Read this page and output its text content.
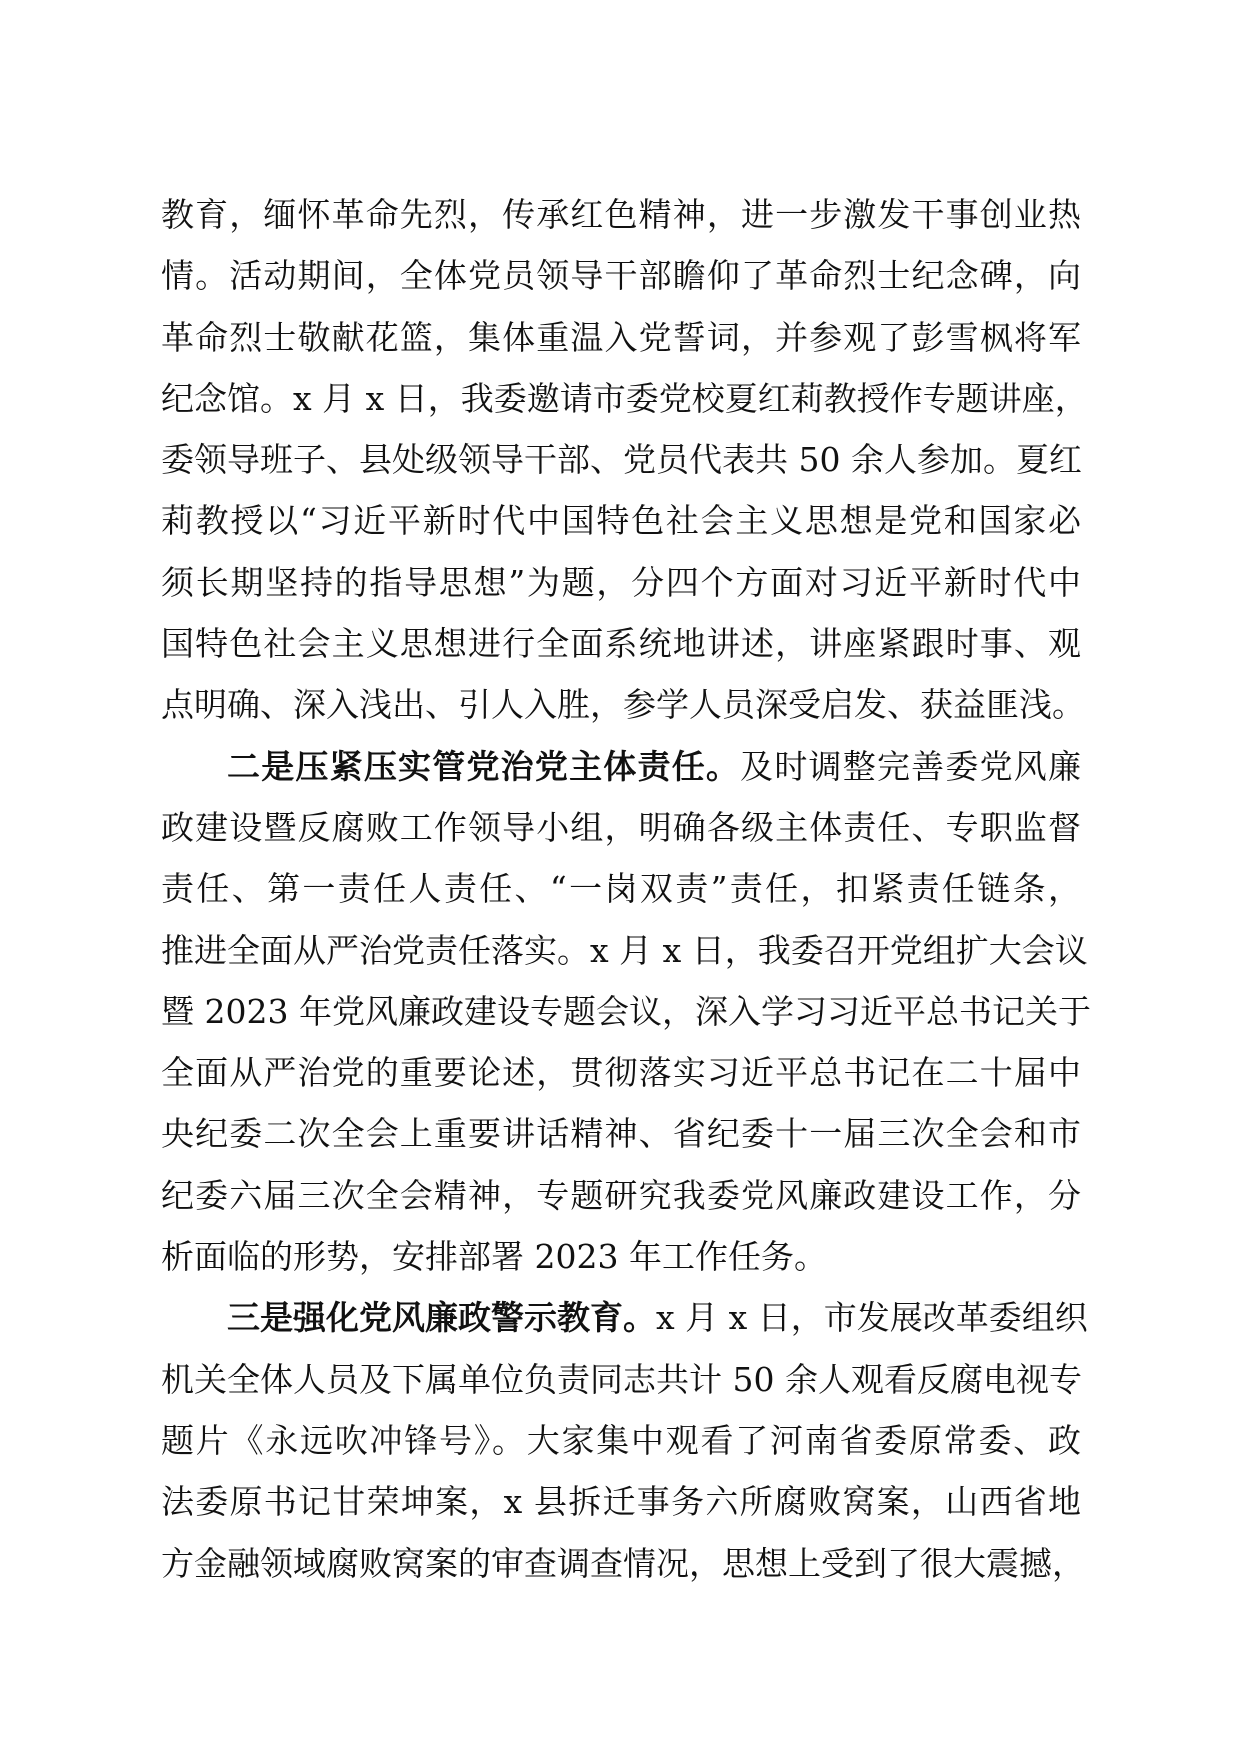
教育，缅怀革命先烈，传承红色精神，进一步激发干事创业热
情。活动期间，全体党员领导干部瞻仰了革命烈士纪念碑，向
革命烈士敬献花篮，集体重温入党誓词，并参观了彭雪枫将军
纪念馆。x 月 x 日，我委邀请市委党校夏红莉教授作专题讲座，
委领导班子、县处级领导干部、党员代表共 50 余人参加。夏红
莉教授以“习近平新时代中国特色社会主义思想是党和国家必
须长期坚持的指导思想”为题，分四个方面对习近平新时代中
国特色社会主义思想进行全面系统地讲述，讲座紧跟时事、观
点明确、深入浅出、引人入胜，参学人员深受启发、获益匪浅。
二是压紧压实管党治党主体责任。及时调整完善委党风廉
政建设暨反腐败工作领导小组，明确各级主体责任、专职监督
责任、第一责任人责任、“一岗双责”责任，扣紧责任链条，
推进全面从严治党责任落实。x 月 x 日，我委召开党组扩大会议
暨 2023 年党风廉政建设专题会议，深入学习习近平总书记关于
全面从严治党的重要论述，贯彻落实习近平总书记在二十届中
央纪委二次全会上重要讲话精神、省纪委十一届三次全会和市
纪委六届三次全会精神，专题研究我委党风廉政建设工作，分
析面临的形势，安排部署 2023 年工作任务。
三是强化党风廉政警示教育。x 月 x 日，市发展改革委组织
机关全体人员及下属单位负责同志共计 50 余人观看反腐电视专
题片《永远吹冲锋号》。大家集中观看了河南省委原常委、政
法委原书记甘荣坤案，x 县拆迁事务六所腐败窝案，山西省地
方金融领域腐败窝案的审查调查情况，思想上受到了很大震撼，
